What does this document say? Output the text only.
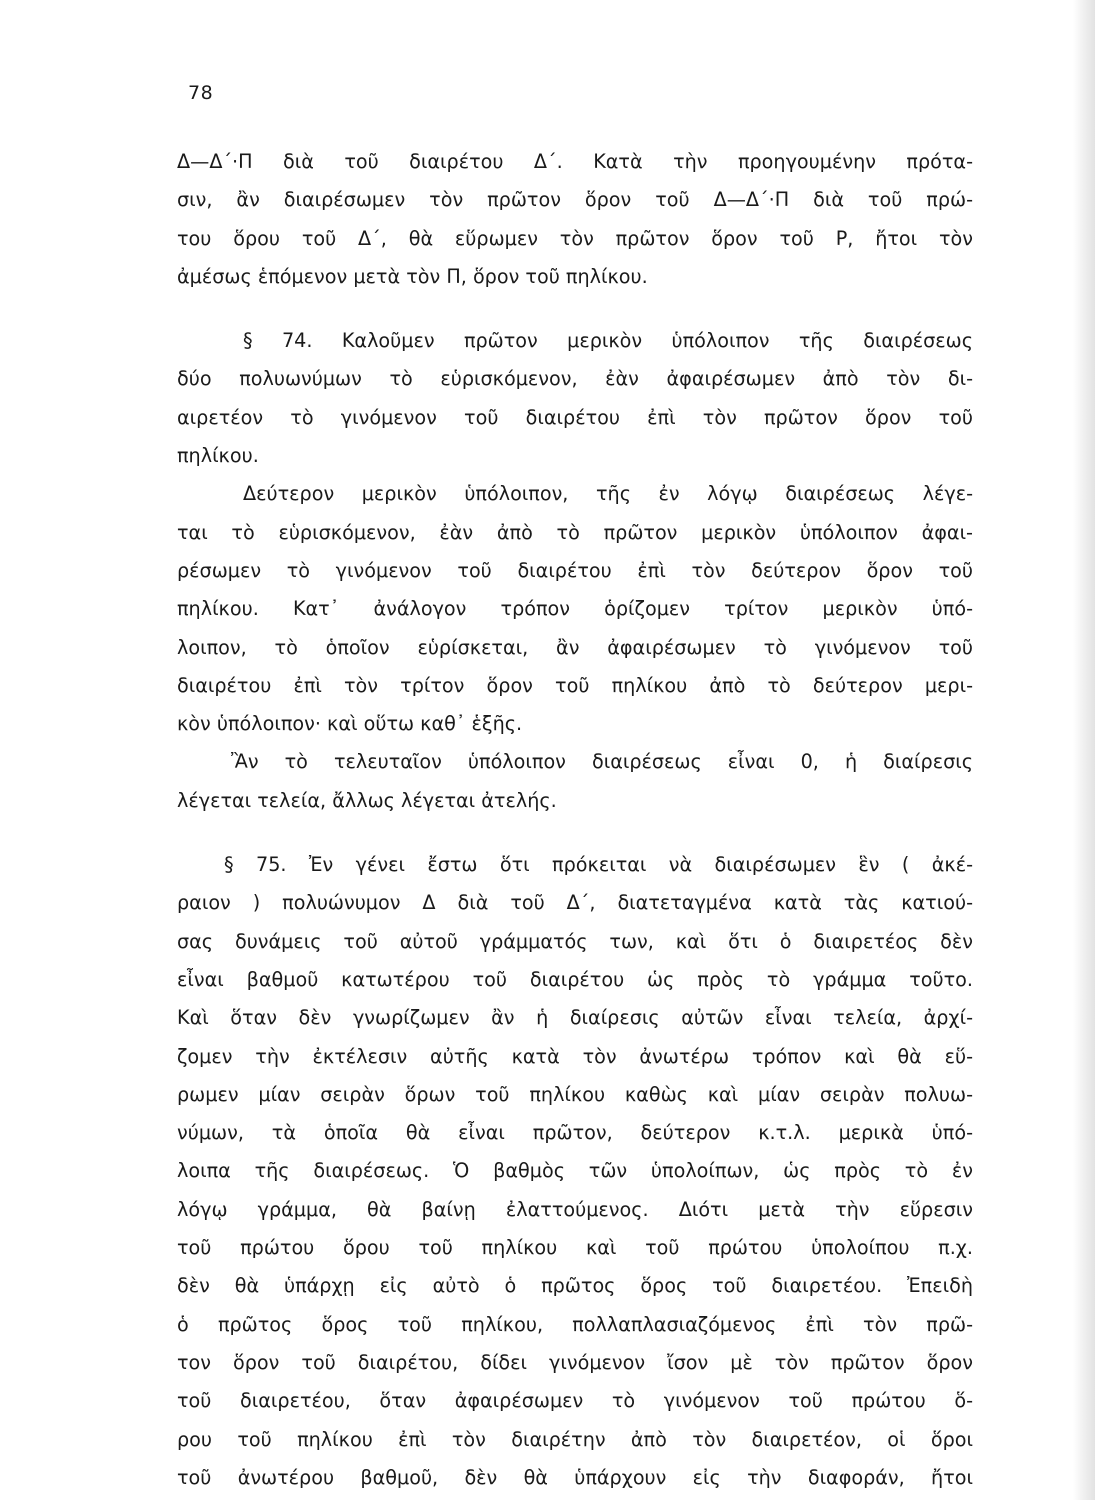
78
Δ—Δ΄·Π διὰ τοῦ διαιρέτου Δ΄. Κατὰ τὴν προηγουμένην πρότα-
σιν, ἂν διαιρέσωμεν τὸν πρῶτον ὅρον τοῦ Δ—Δ΄·Π διὰ τοῦ πρώ-
του ὅρου τοῦ Δ΄, θὰ εὕρωμεν τὸν πρῶτον ὅρον τοῦ Ρ, ἤτοι τὸν
ἀμέσως ἑπόμενον μετὰ τὸν Π, ὅρον τοῦ πηλίκου.
§ 74. Καλοῦμεν πρῶτον μερικὸν ὑπόλοιπον τῆς διαιρέσεως
δύο πολυωνύμων τὸ εὑρισκόμενον, ἐὰν ἀφαιρέσωμεν ἀπὸ τὸν δι-
αιρετέον τὸ γινόμενον τοῦ διαιρέτου ἐπὶ τὸν πρῶτον ὅρον τοῦ
πηλίκου.
Δεύτερον μερικὸν ὑπόλοιπον, τῆς ἐν λόγῳ διαιρέσεως λέγε-
ται τὸ εὑρισκόμενον, ἐὰν ἀπὸ τὸ πρῶτον μερικὸν ὑπόλοιπον ἀφαι-
ρέσωμεν τὸ γινόμενον τοῦ διαιρέτου ἐπὶ τὸν δεύτερον ὅρον τοῦ
πηλίκου. Κατ᾽ ἀνάλογον τρόπον ὁρίζομεν τρίτον μερικὸν ὑπό-
λοιπον, τὸ ὁποῖον εὑρίσκεται, ἂν ἀφαιρέσωμεν τὸ γινόμενον τοῦ
διαιρέτου ἐπὶ τὸν τρίτον ὅρον τοῦ πηλίκου ἀπὸ τὸ δεύτερον μερι-
κὸν ὑπόλοιπον· καὶ οὕτω καθ᾽ ἑξῆς.
Ἂν τὸ τελευταῖον ὑπόλοιπον διαιρέσεως εἶναι 0, ἡ διαίρεσις
λέγεται τελεία, ἄλλως λέγεται ἀτελής.
§ 75. Ἐν γένει ἔστω ὅτι πρόκειται νὰ διαιρέσωμεν ἓν ( ἀκέ-
ραιον ) πολυώνυμον Δ διὰ τοῦ Δ΄, διατεταγμένα κατὰ τὰς κατιού-
σας δυνάμεις τοῦ αὐτοῦ γράμματός των, καὶ ὅτι ὁ διαιρετέος δὲν
εἶναι βαθμοῦ κατωτέρου τοῦ διαιρέτου ὡς πρὸς τὸ γράμμα τοῦτο.
Καὶ ὅταν δὲν γνωρίζωμεν ἂν ἡ διαίρεσις αὐτῶν εἶναι τελεία, ἀρχί-
ζομεν τὴν ἐκτέλεσιν αὐτῆς κατὰ τὸν ἀνωτέρω τρόπον καὶ θὰ εὕ-
ρωμεν μίαν σειρὰν ὅρων τοῦ πηλίκου καθὼς καὶ μίαν σειρὰν πολυω-
νύμων, τὰ ὁποῖα θὰ εἶναι πρῶτον, δεύτερον κ.τ.λ. μερικὰ ὑπό-
λοιπα τῆς διαιρέσεως. Ὁ βαθμὸς τῶν ὑπολοίπων, ὡς πρὸς τὸ ἐν
λόγῳ γράμμα, θὰ βαίνῃ ἐλαττούμενος. Διότι μετὰ τὴν εὕρεσιν
τοῦ πρώτου ὅρου τοῦ πηλίκου καὶ τοῦ πρώτου ὑπολοίπου π.χ.
δὲν θὰ ὑπάρχῃ εἰς αὐτὸ ὁ πρῶτος ὅρος τοῦ διαιρετέου. Ἐπειδὴ
ὁ πρῶτος ὅρος τοῦ πηλίκου, πολλαπλασιαζόμενος ἐπὶ τὸν πρῶ-
τον ὅρον τοῦ διαιρέτου, δίδει γινόμενον ἴσον μὲ τὸν πρῶτον ὅρον
τοῦ διαιρετέου, ὅταν ἀφαιρέσωμεν τὸ γινόμενον τοῦ πρώτου ὅ-
ρου τοῦ πηλίκου ἐπὶ τὸν διαιρέτην ἀπὸ τὸν διαιρετέον, οἱ ὅροι
τοῦ ἀνωτέρου βαθμοῦ, δὲν θὰ ὑπάρχουν εἰς τὴν διαφοράν, ἤτοι
